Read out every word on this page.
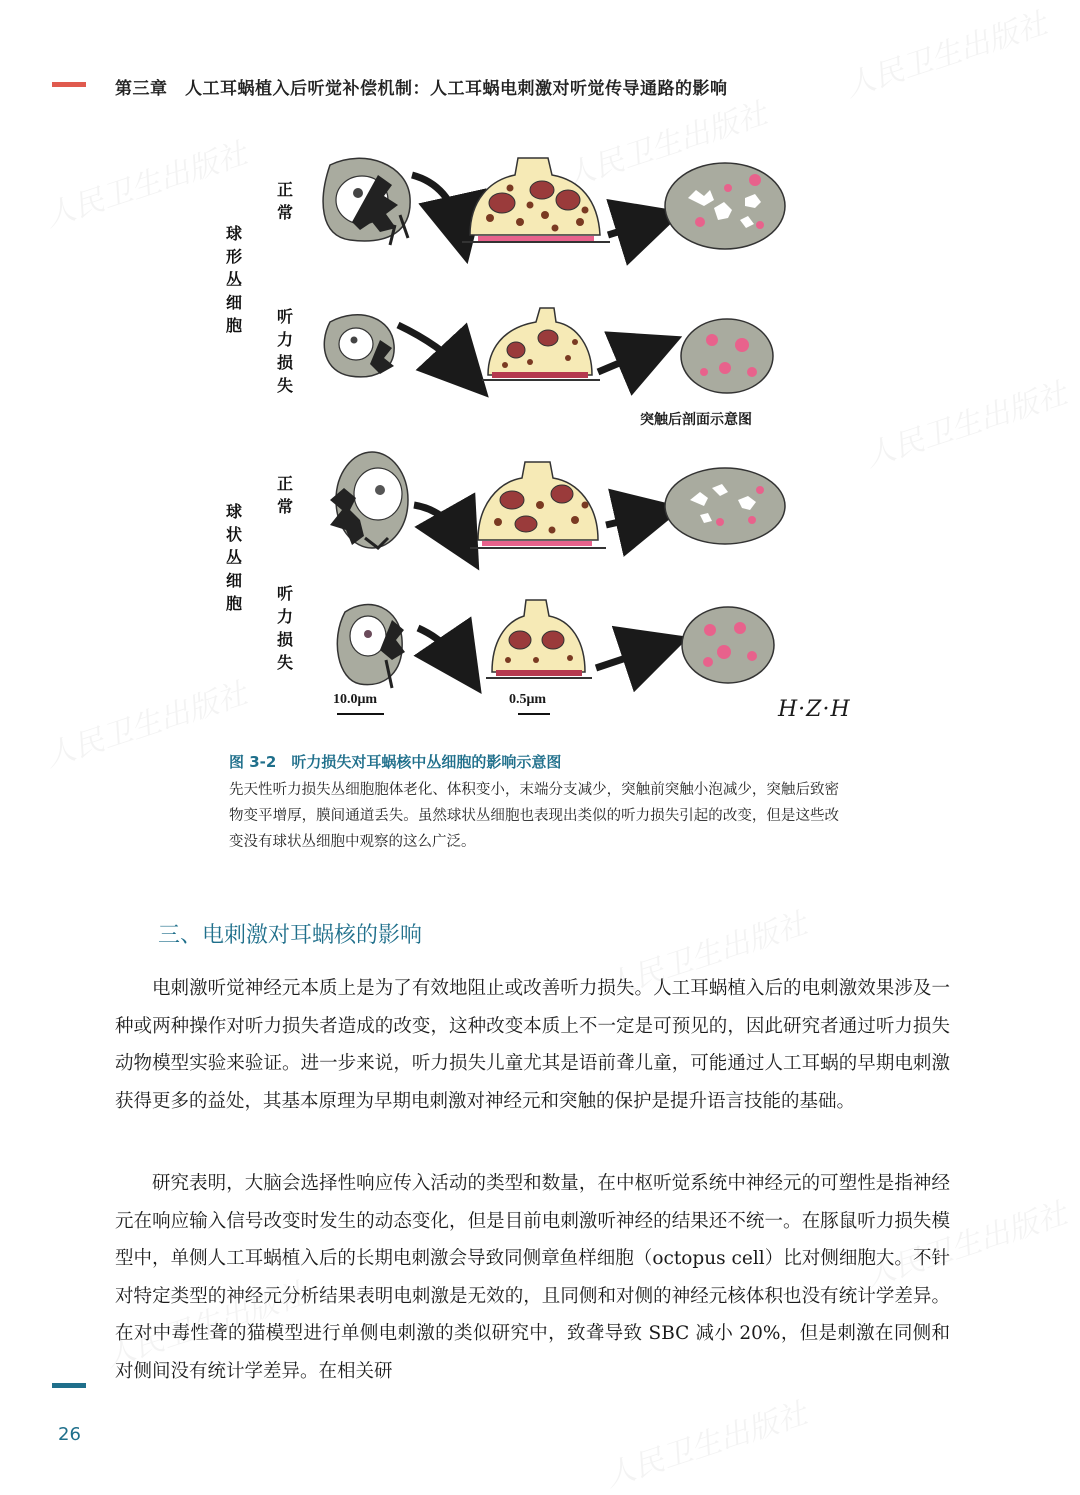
第三章　人工耳蜗植入后听觉补偿机制：人工耳蜗电刺激对听觉传导通路的影响
球形丛细胞
球状丛细胞
正常
听力损失
正常
听力损失
突触后剖面示意图
10.0μm	0.5μm	H·Z·H
图 3-2　听力损失对耳蜗核中丛细胞的影响示意图
先天性听力损失丛细胞胞体老化、体积变小，末端分支减少，突触前突触小泡减少，突触后致密物变平增厚，膜间通道丢失。虽然球状丛细胞也表现出类似的听力损失引起的改变，但是这些改变没有球状丛细胞中观察的这么广泛。
三、电刺激对耳蜗核的影响
电刺激听觉神经元本质上是为了有效地阻止或改善听力损失。人工耳蜗植入后的电刺激效果涉及一种或两种操作对听力损失者造成的改变，这种改变本质上不一定是可预见的，因此研究者通过听力损失动物模型实验来验证。进一步来说，听力损失儿童尤其是语前聋儿童，可能通过人工耳蜗的早期电刺激获得更多的益处，其基本原理为早期电刺激对神经元和突触的保护是提升语言技能的基础。
研究表明，大脑会选择性响应传入活动的类型和数量，在中枢听觉系统中神经元的可塑性是指神经元在响应输入信号改变时发生的动态变化，但是目前电刺激听神经的结果还不统一。在豚鼠听力损失模型中，单侧人工耳蜗植入后的长期电刺激会导致同侧章鱼样细胞（octopus cell）比对侧细胞大。不针对特定类型的神经元分析结果表明电刺激是无效的，且同侧和对侧的神经元核体积也没有统计学差异。在对中毒性聋的猫模型进行单侧电刺激的类似研究中，致聋导致 SBC 减小 20%，但是刺激在同侧和对侧间没有统计学差异。在相关研
26
